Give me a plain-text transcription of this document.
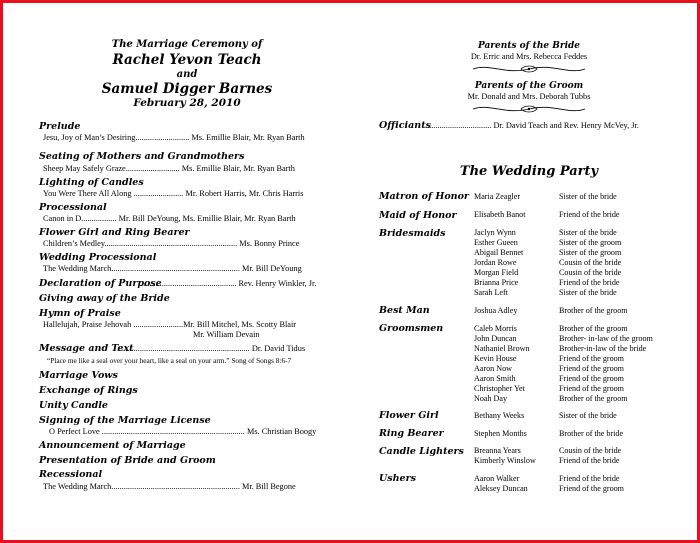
The Marriage Ceremony of
Rachel Yevon Teach
and
Samuel Digger Barnes
February 28, 2010
Prelude
Jesu, Joy of Man’s Desiring.......................... Ms. Emillie Blair, Mr. Ryan Barth
Seating of Mothers and Grandmothers
Sheep May Safely Graze.......................... Ms. Emillie Blair, Mr. Ryan Barth
Lighting of Candles
You Were There All Along ........................ Mr. Robert Harris, Mr. Chris Harris
Processional
Canon in D................. Mr. Bill DeYoung, Ms. Emillie Blair, Mr. Ryan Barth
Flower Girl and Ring Bearer
Children’s Medley................................................................ Ms. Bonny Prince
Wedding Processional
The Wedding March.............................................................. Mr. Bill DeYoung
Declaration of Purpose
.............................................. Rev. Henry Winkler, Jr.
Giving away of the Bride
Hymn of Praise
Hallelujah, Praise Jehovah ........................Mr. Bill Mitchel, Ms. Scotty Blair
Mr. William Devain
Message and Text
................................................................ Dr. David Tidus
“Place me like a seal over your heart, like a seal on your arm.” Song of Songs 8:6-7
Marriage Vows
Exchange of Rings
Unity Candle
Signing of the Marriage License
O Perfect Love ..................................................................... Ms. Christian Boogy
Announcement of Marriage
Presentation of Bride and Groom
Recessional
The Wedding March.............................................................. Mr. Bill Begone
Parents of the Bride
Dr. Erric and Mrs. Rebecca Feddes
Parents of the Groom
Mr. Donald and Mrs. Deborah Tubbs
Officiants
................................ Dr. David Teach and Rev. Henry McVey, Jr.
The Wedding Party
Matron of Honor Maria Zeagler	Sister of the bride
Maid of Honor Elisabeth Banot	Friend of the bride
Bridesmaids	Jaclyn Wynn	Sister of the bride
Esther Gueen	Sister of the groom
Abigail Bennet	Sister of the groom
Jordan Rowe	Cousin of the bride
Morgan Field	Cousin of the bride
Brianna Price	Friend of the bride
Sarah Left	Sister of the bride
Best Man	Joshua Adley	Brother of the groom
Groomsmen	Caleb Morris	Brother of the groom
John Duncan	Brother- in-law of the groom
Nathaniel Brown	Brother-in-law of the bride
Kevin House	Friend of the groom
Aaron Now	Friend of the groom
Aaron Smith	Friend of the groom
Christopher Yet	Friend of the groom
Noah Day	Brother of the groom
Flower Girl	Bethany Weeks	Sister of the bride
Ring Bearer	Stephen Months	Brother of the bride
Candle Lighters Breanna Years	Cousin of the bride
Kimberly Winslow	Friend of the bride
Ushers	Aaron Walker	Friend of the bride
Aleksey Duncan	Friend of the groom
